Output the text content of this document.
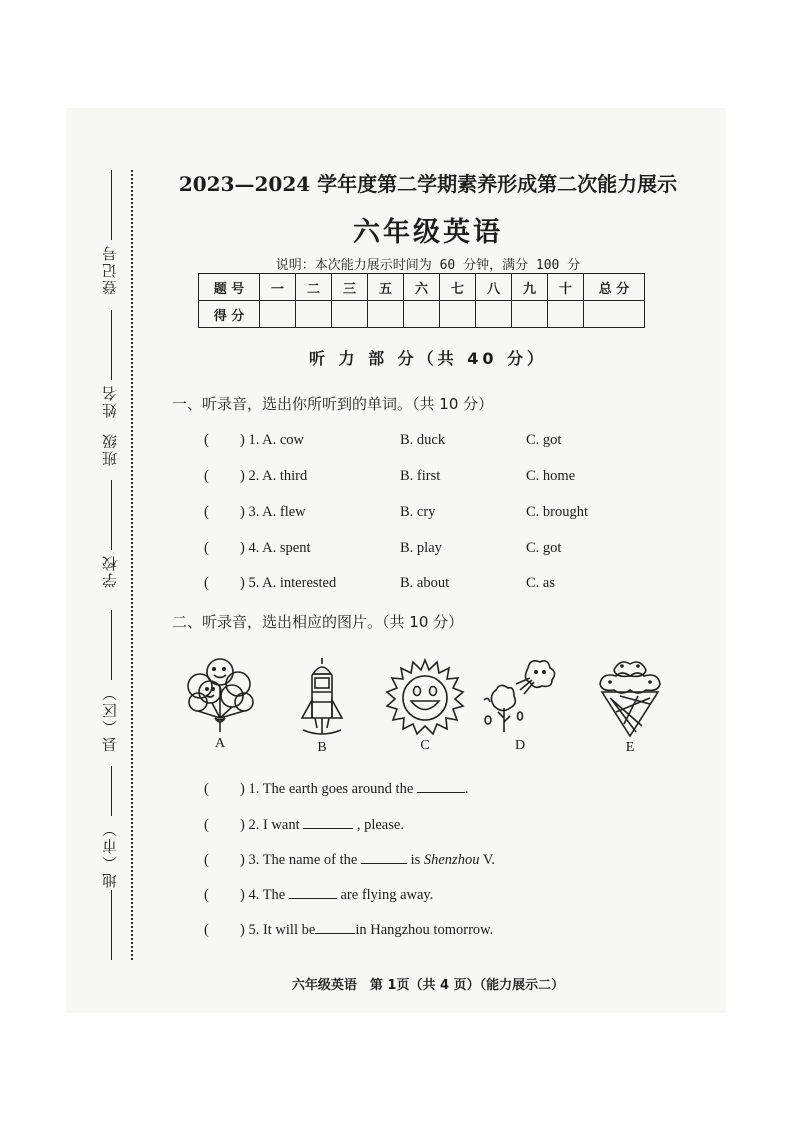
登记号
姓名
班级
学校
县（区）
地（市）
2023—2024 学年度第二学期素养形成第二次能力展示
六年级英语
说明：本次能力展示时间为 60 分钟，满分 100 分
题 号	一	二	三	五	六	七	八	九	十	总 分
得 分										
听 力 部 分（共 40 分）
一、听录音，选出你所听到的单词。（共 10 分）
( ) 1. A. cow	B. duck	C. got
( ) 2. A. third	B. first	C. home
( ) 3. A. flew	B. cry	C. brought
( ) 4. A. spent	B. play	C. got
( ) 5. A. interested	B. about	C. as
二、听录音，选出相应的图片。（共 10 分）
A	B	C	D	E
( ) 1. The earth goes around the	.
( ) 2. I want	, please.
( ) 3. The name of the	is Shenzhou V.
( ) 4. The	are flying away.
( ) 5. It will be	in Hangzhou tomorrow.
六年级英语　第 1页（共 4 页）（能力展示二）
